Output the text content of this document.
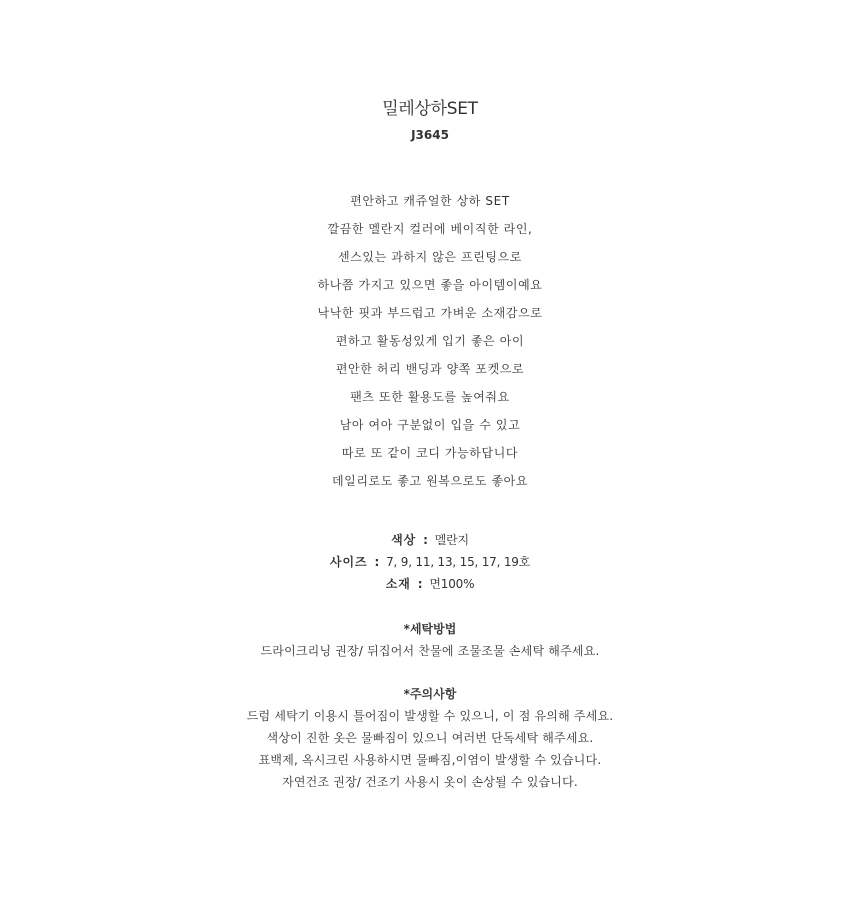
밀레상하SET
J3645
편안하고 캐쥬얼한 상하 SET
깔끔한 멜란지 컬러에 베이직한 라인,
센스있는 과하지 않은 프린팅으로
하나쯤 가지고 있으면 좋을 아이템이예요
낙낙한 핏과 부드럽고 가벼운 소재감으로
편하고 활동성있게 입기 좋은 아이
편안한 허리 밴딩과 양쪽 포켓으로
팬츠 또한 활용도를 높여줘요
남아 여아 구분없이 입을 수 있고
따로 또 같이 코디 가능하답니다
데일리로도 좋고 원복으로도 좋아요
색상 : 멜란지
사이즈 : 7, 9, 11, 13, 15, 17, 19호
소재 : 면100%
*세탁방법
드라이크리닝 권장/ 뒤집어서 찬물에 조물조물 손세탁 해주세요.
*주의사항
드럼 세탁기 이용시 틀어짐이 발생할 수 있으니, 이 점 유의해 주세요.
색상이 진한 옷은 물빠짐이 있으니 여러번 단독세탁 해주세요.
표백제, 옥시크린 사용하시면 물빠짐,이염이 발생할 수 있습니다.
자연건조 권장/ 건조기 사용시 옷이 손상될 수 있습니다.
